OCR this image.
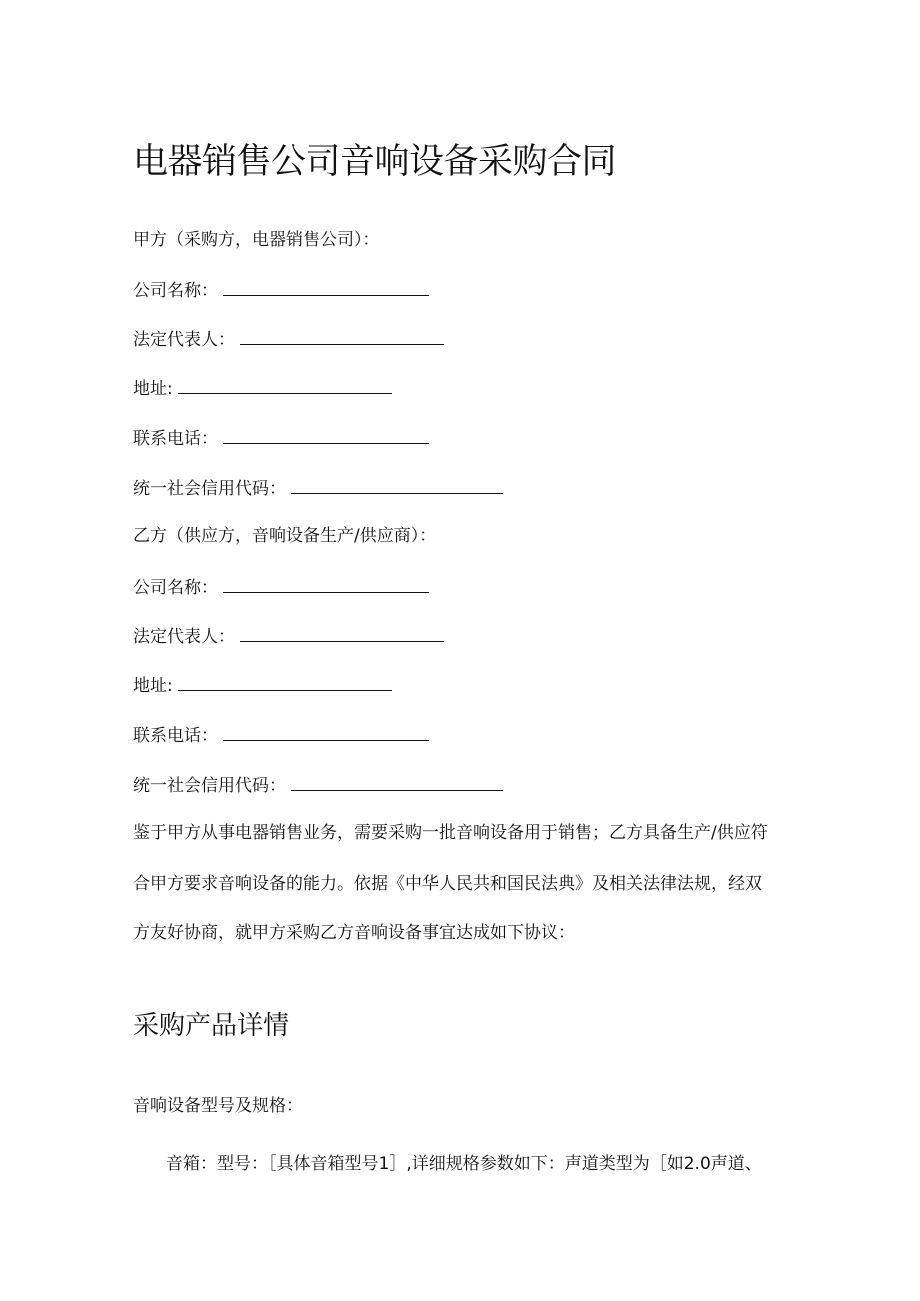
电器销售公司音响设备采购合同
甲方（采购方，电器销售公司）：
公司名称：
法定代表人：
地址:
联系电话：
统一社会信用代码：
乙方（供应方，音响设备生产/供应商）：
公司名称：
法定代表人：
地址:
联系电话：
统一社会信用代码：
鉴于甲方从事电器销售业务，需要采购一批音响设备用于销售；乙方具备生产/供应符
合甲方要求音响设备的能力。依据《中华人民共和国民法典》及相关法律法规，经双
方友好协商，就甲方采购乙方音响设备事宜达成如下协议：
采购产品详情
音响设备型号及规格：
音箱：型号：［具体音箱型号1］,详细规格参数如下：声道类型为［如2.0声道、
